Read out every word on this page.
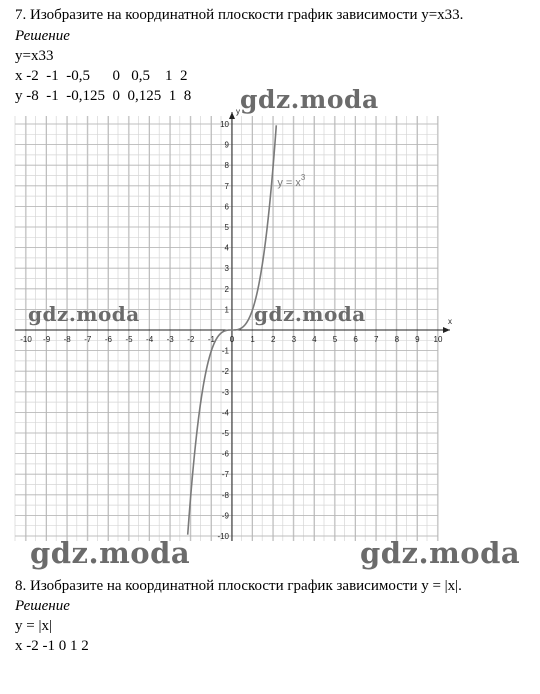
7. Изобразите на координатной плоскости график зависимости y=x33.
Решение
y=x33
x -2  -1  -0,5      0   0,5    1  2
y -8  -1  -0,125  0  0,125  1  8
x
y
-10 -9 -8 -7 -6 -5 -4 -3 -2 -1 0 1 2 3 4 5 6 7 8 9 10
-10
-9
-8
-7
-6
-5
-4
-3
-2
-1
1
2
3
4
5
6
7
8
9
10
$y = x^3$
gdz.moda
gdz.moda	gdz.moda
gdz.moda	gdz.moda
8. Изобразите на координатной плоскости график зависимости y = |x|.
Решение
y = |x|
x -2 -1 0 1 2
